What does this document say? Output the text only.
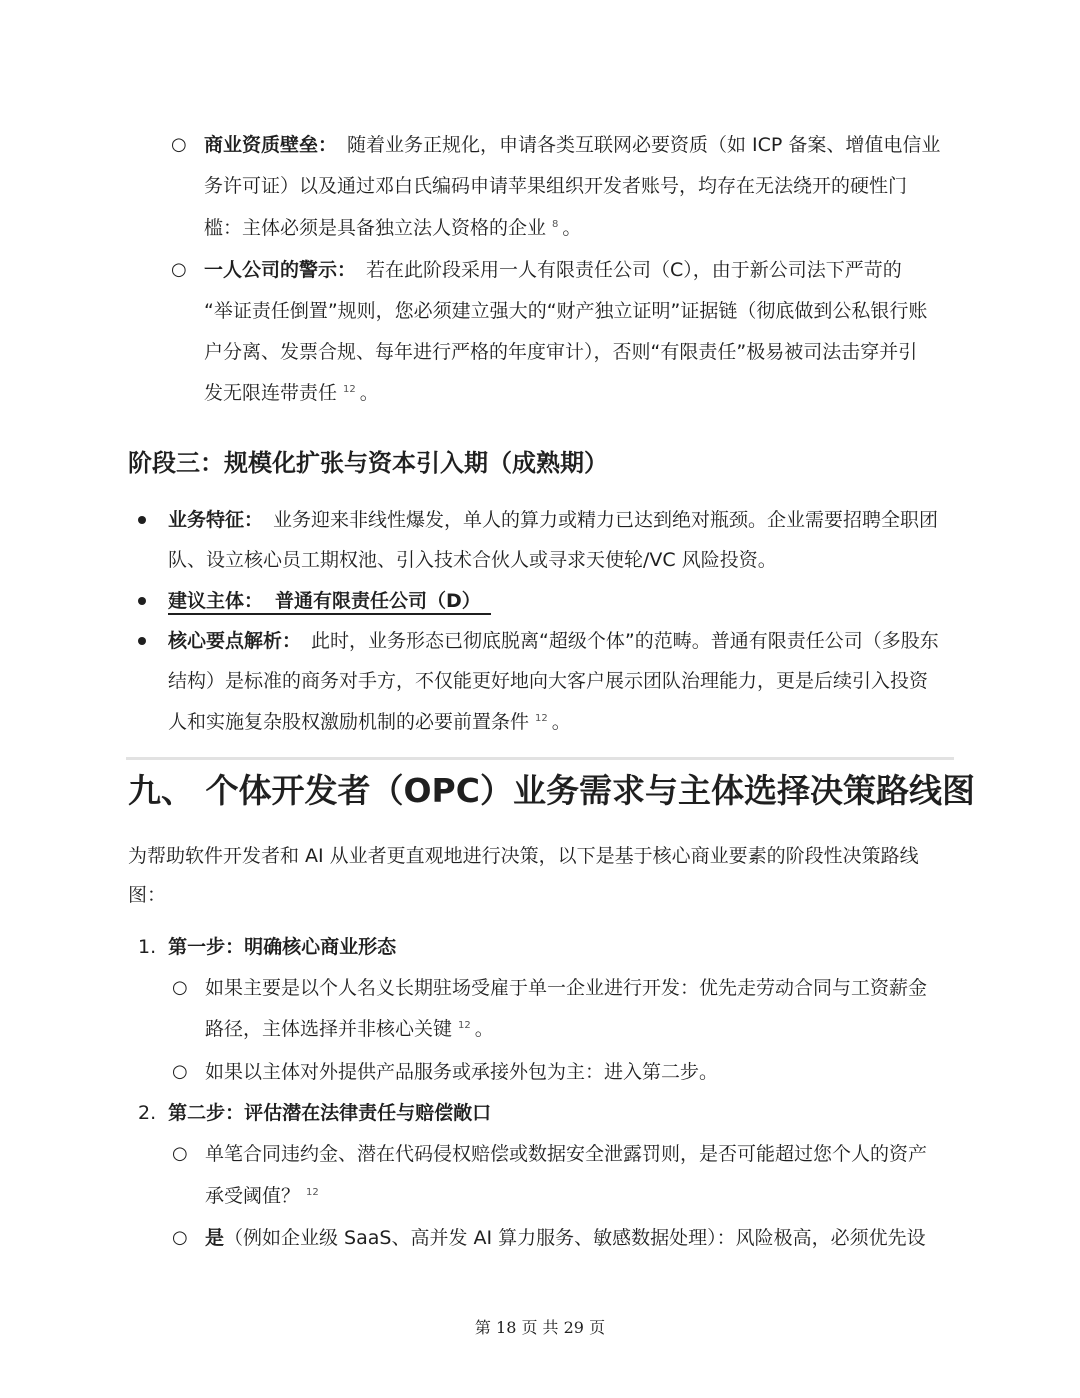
○ 商业资质壁垒： 随着业务正规化，申请各类互联网必要资质（如 ICP 备案、增值电信业
务许可证）以及通过邓白氏编码申请苹果组织开发者账号，均存在无法绕开的硬性门
槛：主体必须是具备独立法人资格的企业 $^8$ 。
○ 一人公司的警示： 若在此阶段采用一人有限责任公司（C），由于新公司法下严苛的
“举证责任倒置”规则，您必须建立强大的“财产独立证明”证据链（彻底做到公私银行账
户分离、发票合规、每年进行严格的年度审计），否则“有限责任”极易被司法击穿并引
发无限连带责任 $^{12}$ 。
阶段三：规模化扩张与资本引入期（成熟期）
业务特征： 业务迎来非线性爆发，单人的算力或精力已达到绝对瓶颈。企业需要招聘全职团
队、设立核心员工期权池、引入技术合伙人或寻求天使轮/VC 风险投资。
建议主体： 普通有限责任公司（D）
核心要点解析： 此时，业务形态已彻底脱离“超级个体”的范畴。普通有限责任公司（多股东
结构）是标准的商务对手方，不仅能更好地向大客户展示团队治理能力，更是后续引入投资
人和实施复杂股权激励机制的必要前置条件 $^{12}$ 。
九、 个体开发者（OPC）业务需求与主体选择决策路线图
为帮助软件开发者和 AI 从业者更直观地进行决策，以下是基于核心商业要素的阶段性决策路线
图：
1. 第一步：明确核心商业形态
○ 如果主要是以个人名义长期驻场受雇于单一企业进行开发：优先走劳动合同与工资薪金
路径，主体选择并非核心关键 $^{12}$ 。
○ 如果以主体对外提供产品服务或承接外包为主：进入第二步。
2. 第二步：评估潜在法律责任与赔偿敞口
○ 单笔合同违约金、潜在代码侵权赔偿或数据安全泄露罚则，是否可能超过您个人的资产
承受阈值？ $^{12}$
○ 是（例如企业级 SaaS、高并发 AI 算力服务、敏感数据处理）：风险极高，必须优先设
第 18 页 共 29 页
